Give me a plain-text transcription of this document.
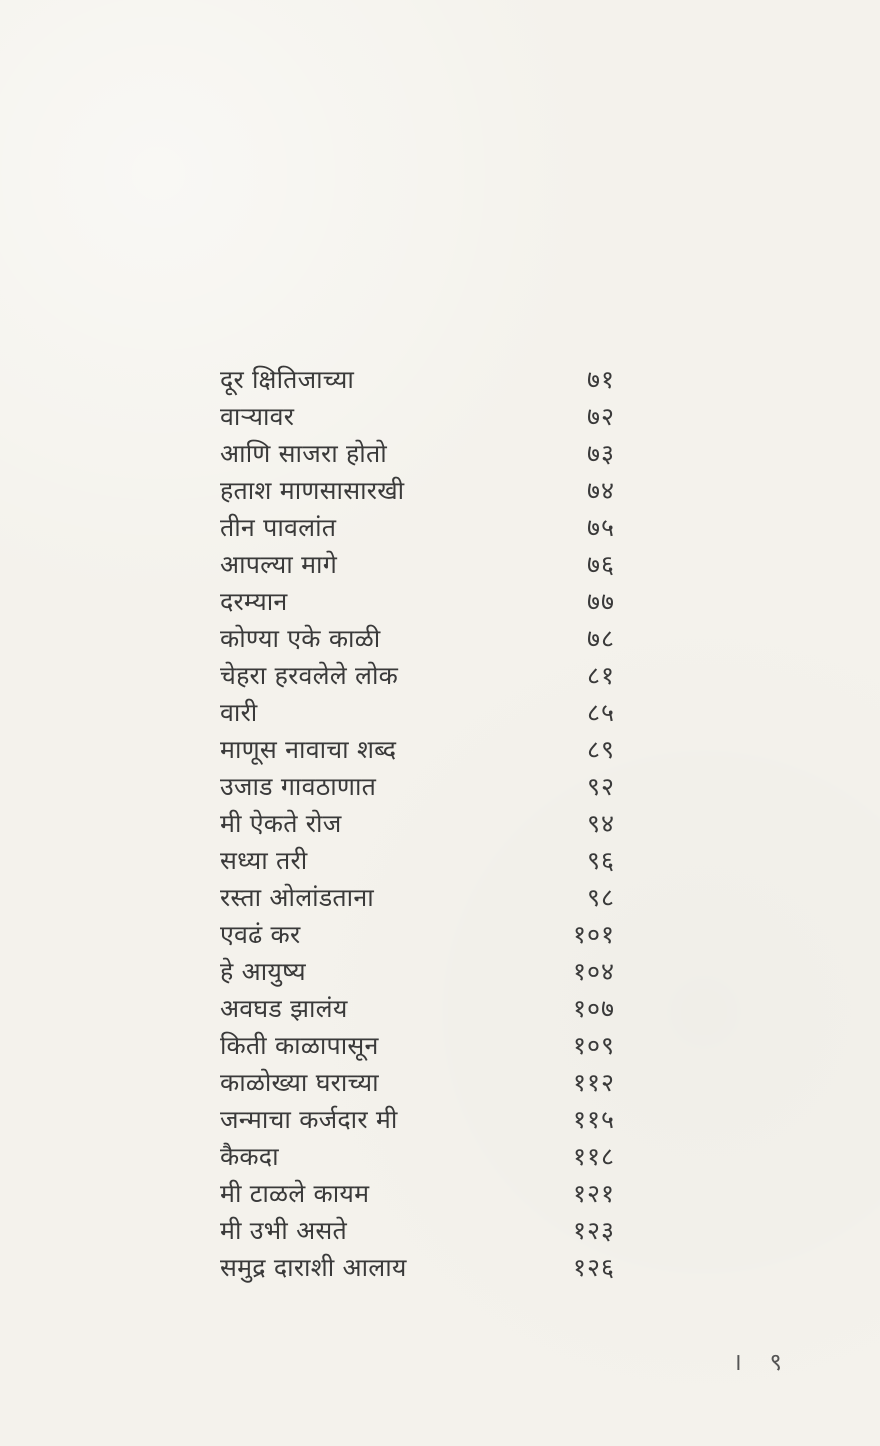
दूर क्षितिजाच्या	७१
वाऱ्यावर	७२
आणि साजरा होतो	७३
हताश माणसासारखी	७४
तीन पावलांत	७५
आपल्या मागे	७६
दरम्यान	७७
कोण्या एके काळी	७८
चेहरा हरवलेले लोक	८१
वारी	८५
माणूस नावाचा शब्द	८९
उजाड गावठाणात	९२
मी ऐकते रोज	९४
सध्या तरी	९६
रस्ता ओलांडताना	९८
एवढं कर	१०१
हे आयुष्य	१०४
अवघड झालंय	१०७
किती काळापासून	१०९
काळोख्या घराच्या	११२
जन्माचा कर्जदार मी	११५
कैकदा	११८
मी टाळले कायम	१२१
मी उभी असते	१२३
समुद्र दाराशी आलाय	१२६
। ९
